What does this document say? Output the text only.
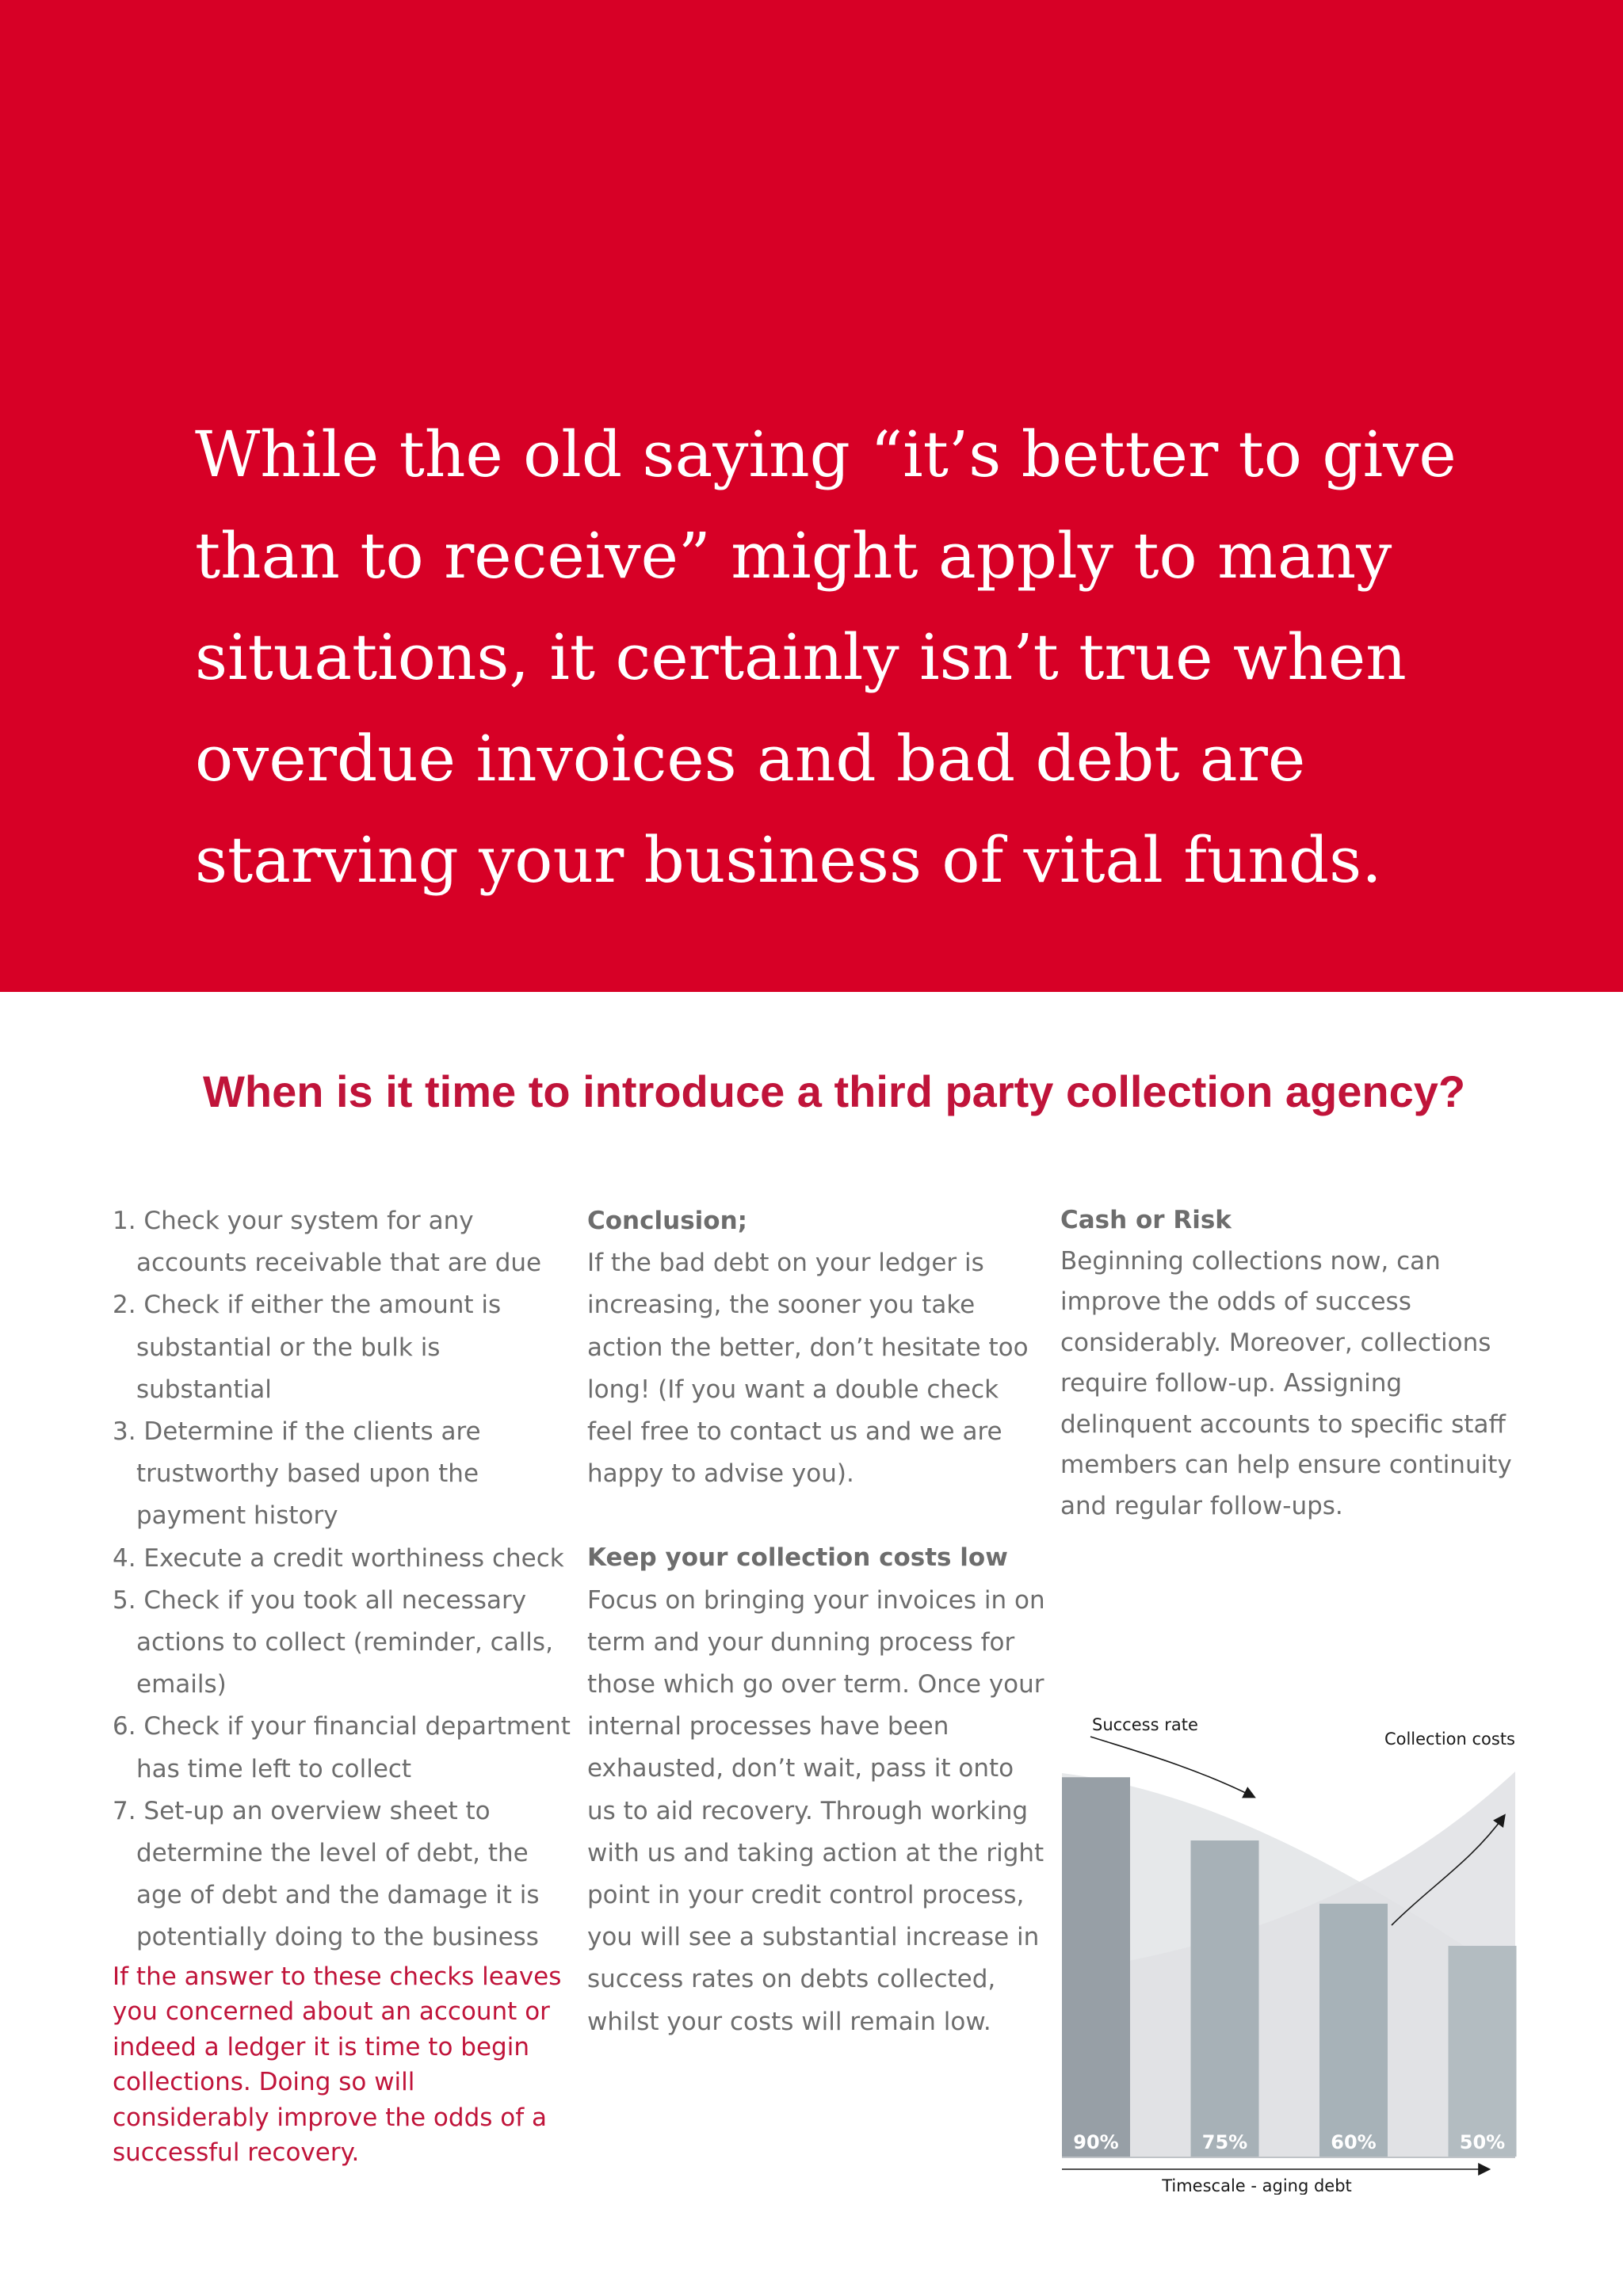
While the old saying “it’s better to give than to receive” might apply to many situations, it certainly isn’t true when overdue invoices and bad debt are starving your business of vital funds.

When is it time to introduce a third party collection agency?
1. Check your system for any accounts receivable that are due
2. Check if either the amount is substantial or the bulk is substantial
3. Determine if the clients are trustworthy based upon the payment history
4. Execute a credit worthiness check
5. Check if you took all necessary actions to collect (reminder, calls, emails)
6. Check if your financial department has time left to collect
7. Set-up an overview sheet to determine the level of debt, the age of debt and the damage it is potentially doing to the business

If the answer to these checks leaves you concerned about an account or indeed a ledger it is time to begin collections. Doing so will considerably improve the odds of a successful recovery.

Conclusion;

If the bad debt on your ledger is increasing, the sooner you take action the better, don’t hesitate too long! (If you want a double check feel free to contact us and we are happy to advise you).

Keep your collection costs low

Focus on bringing your invoices in on term and your dunning process for those which go over term. Once your internal processes have been exhausted, don’t wait, pass it onto us to aid recovery. Through working with us and taking action at the right point in your credit control process, you will see a substantial increase in success rates on debts collected, whilst your costs will remain low.

Cash or Risk

Beginning collections now, can improve the odds of success considerably. Moreover, collections require follow-up. Assigning delinquent accounts to specific staff members can help ensure continuity and regular follow-ups.

90%	75%	60%	50%
Success rate
Collection costs
Timescale - aging debt
